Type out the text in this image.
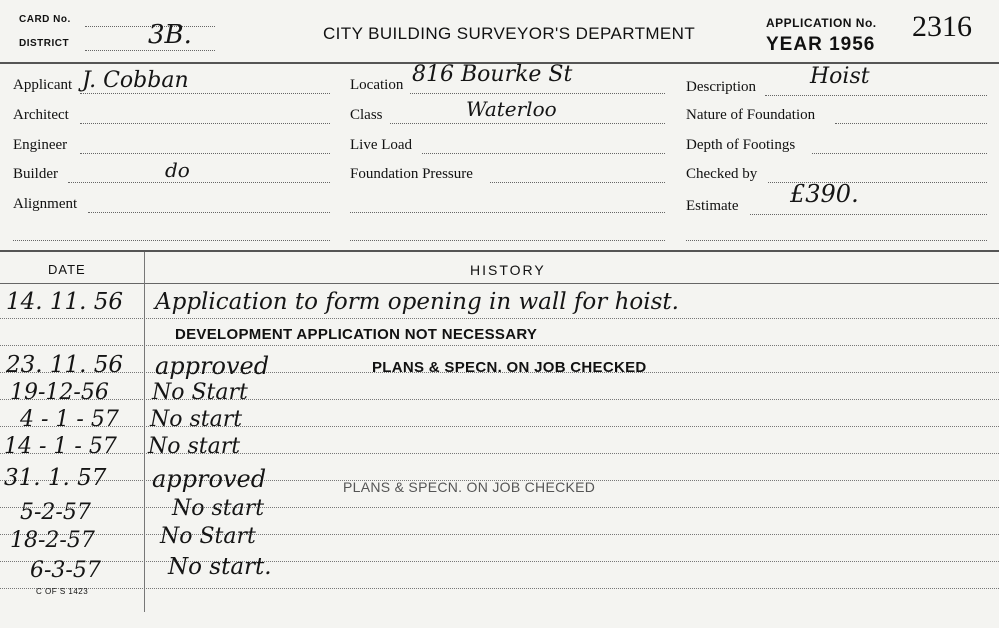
CARD No.
DISTRICT	3B.	CITY BUILDING SURVEYOR'S DEPARTMENT
APPLICATION No. 2316
YEAR 1956
Applicant J. Cobban
Architect
Engineer
Builder	do
Alignment
Location 816 Bourke St
Class	Waterloo
Live Load
Foundation Pressure
Description Hoist
Nature of Foundation
Depth of Footings
Checked by
Estimate £390.
DATE	HISTORY
14. 11. 56 Application to form opening in wall for hoist.
DEVELOPMENT APPLICATION NOT NECESSARY
23. 11. 56 approved	PLANS & SPECN. ON JOB CHECKED
19-12-56 No Start
4 - 1 - 57 No start
14 - 1 - 57 No start
31. 1. 57 approved	PLANS & SPECN. ON JOB CHECKED
5-2-57	No start
18-2-57	No Start
6-3-57	No start.
C OF S 1423
